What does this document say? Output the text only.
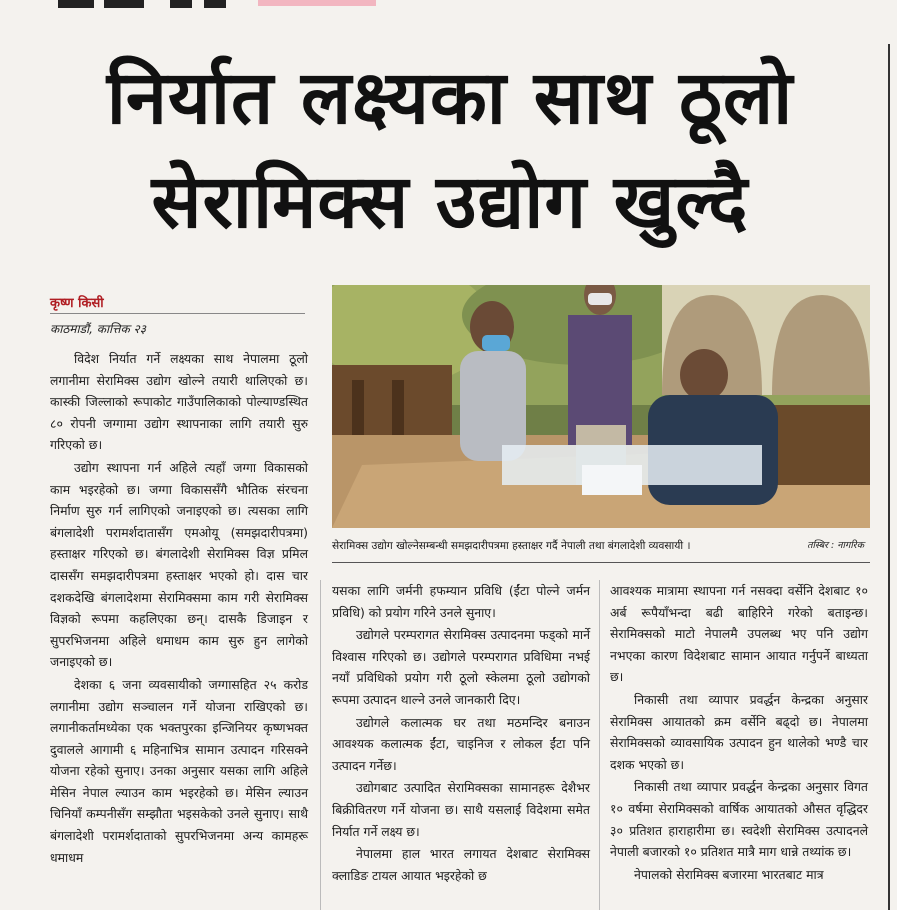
निर्यात लक्ष्यका साथ ठूलो
सेरामिक्स उद्योग खुल्दै
कृष्ण किसी
काठमाडौं, कात्तिक २३

विदेश निर्यात गर्ने लक्ष्यका साथ नेपालमा ठूलो लगानीमा सेरामिक्स उद्योग खोल्ने तयारी थालिएको छ। कास्की जिल्लाको रूपाकोट गाउँपालिकाको पोल्याण्डस्थित ८० रोपनी जग्गामा उद्योग स्थापनाका लागि तयारी सुरु गरिएको छ।

उद्योग स्थापना गर्न अहिले त्यहाँ जग्गा विकासको काम भइरहेको छ। जग्गा विकाससँगै भौतिक संरचना निर्माण सुरु गर्न लागिएको जनाइएको छ। त्यसका लागि बंगलादेशी परामर्शदातासँग एमओयू (समझदारीपत्रमा) हस्ताक्षर गरिएको छ। बंगलादेशी सेरामिक्स विज्ञ प्रमिल दाससँग समझदारीपत्रमा हस्ताक्षर भएको हो। दास चार दशकदेखि बंगलादेशमा सेरामिक्समा काम गरी सेरामिक्स विज्ञको रूपमा कहलिएका छन्। दासकै डिजाइन र सुपरभिजनमा अहिले धमाधम काम सुरु हुन लागेको जनाइएको छ।

देशका ६ जना व्यवसायीको जग्गासहित २५ करोड लगानीमा उद्योग सञ्चालन गर्ने योजना राखिएको छ। लगानीकर्तामध्येका एक भक्तपुरका इन्जिनियर कृष्णभक्त दुवालले आगामी ६ महिनाभित्र सामान उत्पादन गरिसक्ने योजना रहेको सुनाए। उनका अनुसार यसका लागि अहिले मेसिन नेपाल ल्याउन काम भइरहेको छ। मेसिन ल्याउन चिनियाँ कम्पनीसँग सम्झौता भइसकेको उनले सुनाए। साथै बंगलादेशी परामर्शदाताको सुपरभिजनमा अन्य कामहरू धमाधम

सेरामिक्स उद्योग खोल्नेसम्बन्धी समझदारीपत्रमा हस्ताक्षर गर्दै नेपाली तथा बंगलादेशी व्यवसायी ।	तस्बिर : नागरिक

यसका लागि जर्मनी हफम्यान प्रविधि (ईंटा पोल्ने जर्मन प्रविधि) को प्रयोग गरिने उनले सुनाए।

उद्योगले परम्परागत सेरामिक्स उत्पादनमा फड्को मार्ने विश्वास गरिएको छ। उद्योगले परम्परागत प्रविधिमा नभई नयाँ प्रविधिको प्रयोग गरी ठूलो स्केलमा ठूलो उद्योगको रूपमा उत्पादन थाल्ने उनले जानकारी दिए।

उद्योगले कलात्मक घर तथा मठमन्दिर बनाउन आवश्यक कलात्मक ईंटा, चाइनिज र लोकल ईंटा पनि उत्पादन गर्नेछ।

उद्योगबाट उत्पादित सेरामिक्सका सामानहरू देशैभर बिक्रीवितरण गर्ने योजना छ। साथै यसलाई विदेशमा समेत निर्यात गर्ने लक्ष्य छ।

नेपालमा हाल भारत लगायत देशबाट सेरामिक्स क्लाडिङ टायल आयात भइरहेको छ

आवश्यक मात्रामा स्थापना गर्न नसक्दा वर्सेनि देशबाट १० अर्ब रूपैयाँभन्दा बढी बाहिरिने गरेको बताइन्छ। सेरामिक्सको माटो नेपालमै उपलब्ध भए पनि उद्योग नभएका कारण विदेशबाट सामान आयात गर्नुपर्ने बाध्यता छ।

निकासी तथा व्यापार प्रवर्द्धन केन्द्रका अनुसार सेरामिक्स आयातको क्रम वर्सेनि बढ्दो छ। नेपालमा सेरामिक्सको व्यावसायिक उत्पादन हुन थालेको भण्डै चार दशक भएको छ।

निकासी तथा व्यापार प्रवर्द्धन केन्द्रका अनुसार विगत १० वर्षमा सेरामिक्सको वार्षिक आयातको औसत वृद्धिदर ३० प्रतिशत हाराहारीमा छ। स्वदेशी सेरामिक्स उत्पादनले नेपाली बजारको १० प्रतिशत मात्रै माग धान्ने तथ्यांक छ।

नेपालको सेरामिक्स बजारमा भारतबाट मात्र
